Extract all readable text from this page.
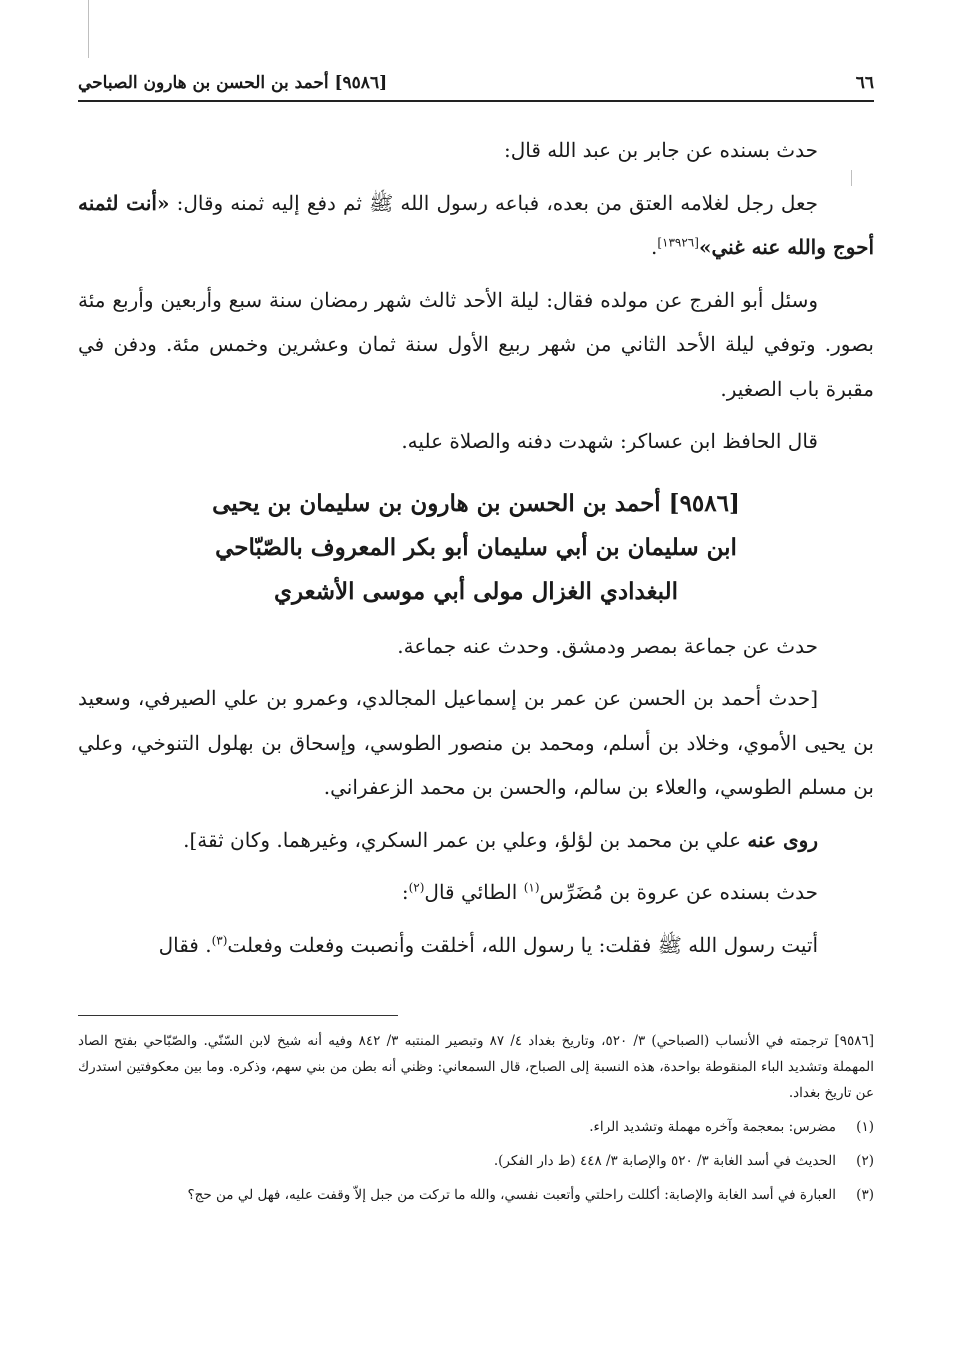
٦٦
[٩٥٨٦] أحمد بن الحسن بن هارون الصباحي

حدث بسنده عن جابر بن عبد الله قال:

جعل رجل لغلامه العتق من بعده، فباعه رسول الله ﷺ ثم دفع إليه ثمنه وقال: «أنت لثمنه أحوج والله عنه غني»[١٣٩٢٦].

وسئل أبو الفرج عن مولده فقال: ليلة الأحد ثالث شهر رمضان سنة سبع وأربعين وأربع مئة بصور. وتوفي ليلة الأحد الثاني من شهر ربيع الأول سنة ثمان وعشرين وخمس مئة. ودفن في مقبرة باب الصغير.

قال الحافظ ابن عساكر: شهدت دفنه والصلاة عليه.

[٩٥٨٦] أحمد بن الحسن بن هارون بن سليمان بن يحيى
ابن سليمان بن أبي سليمان أبو بكر المعروف بالصّبّاحي
البغدادي الغزال مولى أبي موسى الأشعري

حدث عن جماعة بمصر ودمشق. وحدث عنه جماعة.

[حدث أحمد بن الحسن عن عمر بن إسماعيل المجالدي، وعمرو بن علي الصيرفي، وسعيد بن يحيى الأموي، وخلاد بن أسلم، ومحمد بن منصور الطوسي، وإسحاق بن بهلول التنوخي، وعلي بن مسلم الطوسي، والعلاء بن سالم، والحسن بن محمد الزعفراني.

روى عنه علي بن محمد بن لؤلؤ، وعلي بن عمر السكري، وغيرهما. وكان ثقة].

حدث بسنده عن عروة بن مُضَرِّس$^{(١)}$ الطائي قال$^{(٢)}$:

أتيت رسول الله ﷺ فقلت: يا رسول الله، أخلقت وأنصبت وفعلت وفعلت$^{(٣)}$. فقال

[٩٥٨٦] ترجمته في الأنساب (الصباحي) ٣/ ٥٢٠، وتاريخ بغداد ٤/ ٨٧ وتبصير المنتبه ٣/ ٨٤٢ وفيه أنه شيخ لابن السّنّي. والصّبّاحي بفتح الصاد المهملة وتشديد الباء المنقوطة بواحدة، هذه النسبة إلى الصباح، قال السمعاني: وظني أنه بطن من بني سهم، وذكره. وما بين معكوفتين استدرك عن تاريخ بغداد.

(١)
مضرس: بمعجمة وآخره مهملة وتشديد الراء.
(٢)
الحديث في أسد الغابة ٣/ ٥٢٠ والإصابة ٣/ ٤٤٨ (ط دار الفكر).
(٣)
العبارة في أسد الغابة والإصابة: أكللت راحلتي وأتعبت نفسي، والله ما تركت من جبل إلاّ وقفت عليه، فهل لي من حج؟
